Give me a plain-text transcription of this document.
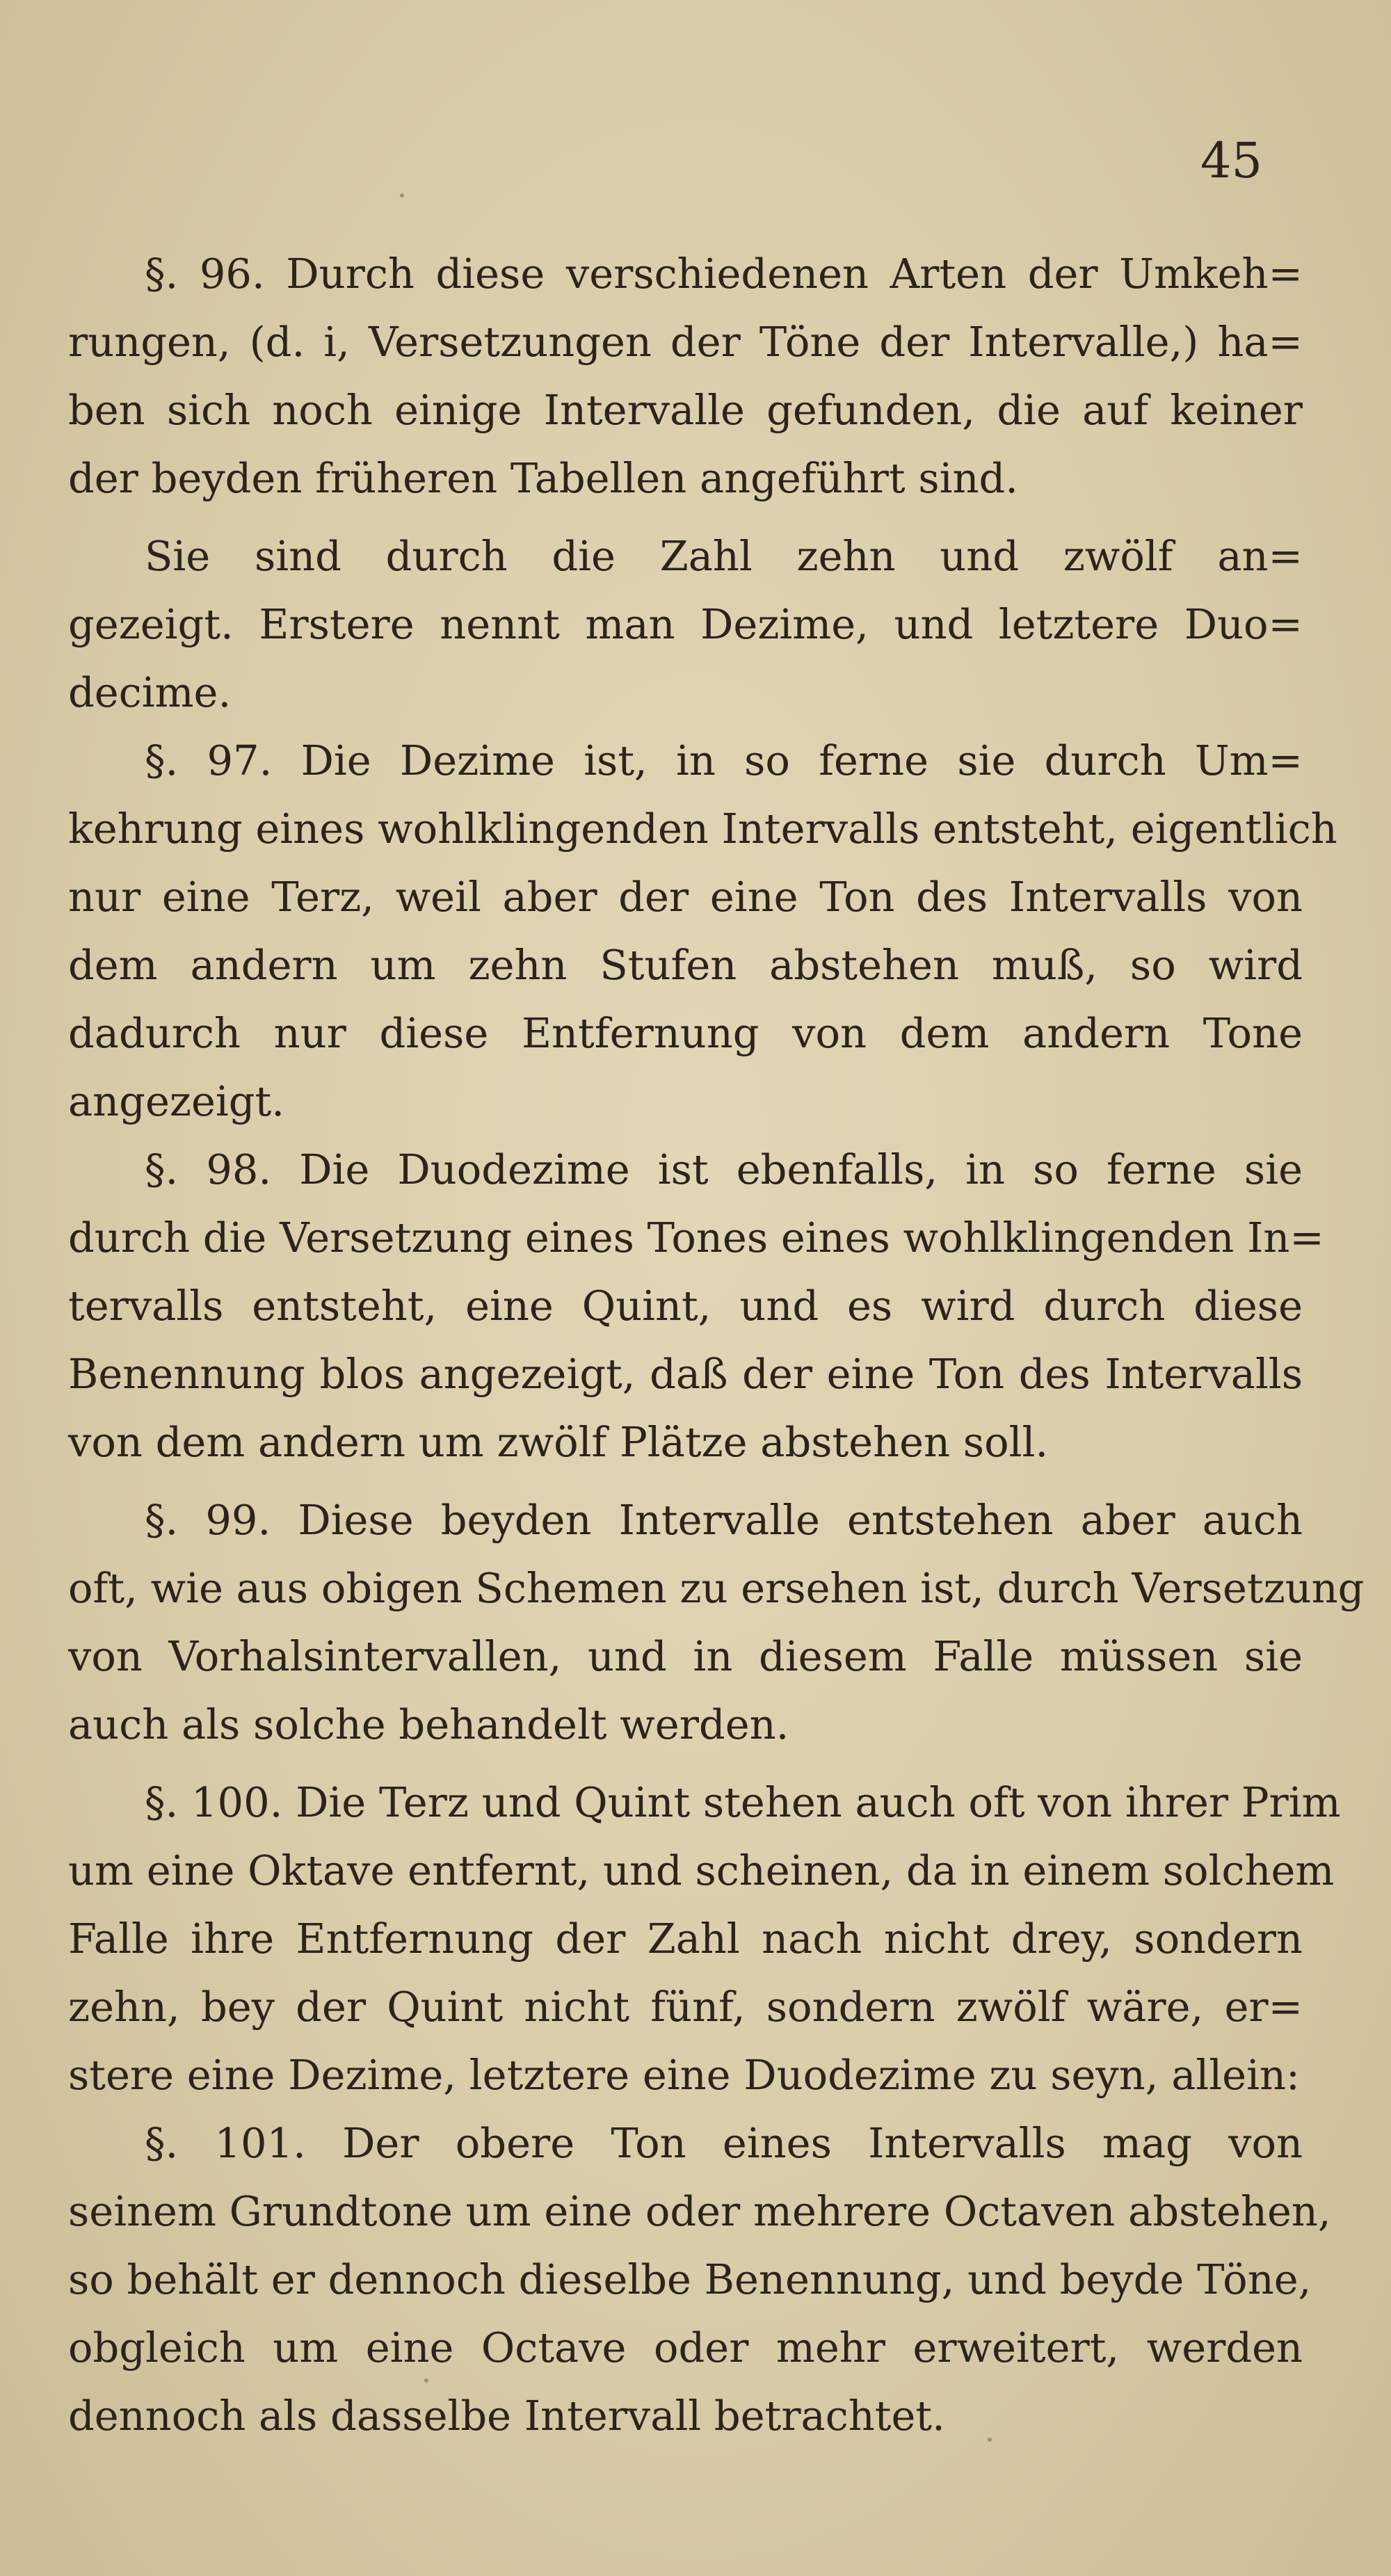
45
§. 96. Durch diese verschiedenen Arten der Umkeh=
rungen, (d. i, Versetzungen der Töne der Intervalle,) ha=
ben sich noch einige Intervalle gefunden, die auf keiner
der beyden früheren Tabellen angeführt sind.
Sie sind durch die Zahl zehn und zwölf an=
gezeigt. Erstere nennt man Dezime, und letztere Duo=
decime.
§. 97. Die Dezime ist, in so ferne sie durch Um=
kehrung eines wohlklingenden Intervalls entsteht, eigentlich
nur eine Terz, weil aber der eine Ton des Intervalls von
dem andern um zehn Stufen abstehen muß, so wird
dadurch nur diese Entfernung von dem andern Tone
angezeigt.
§. 98. Die Duodezime ist ebenfalls, in so ferne sie
durch die Versetzung eines Tones eines wohlklingenden In=
tervalls entsteht, eine Quint, und es wird durch diese
Benennung blos angezeigt, daß der eine Ton des Intervalls
von dem andern um zwölf Plätze abstehen soll.
§. 99. Diese beyden Intervalle entstehen aber auch
oft, wie aus obigen Schemen zu ersehen ist, durch Versetzung
von Vorhalsintervallen, und in diesem Falle müssen sie
auch als solche behandelt werden.
§. 100. Die Terz und Quint stehen auch oft von ihrer Prim
um eine Oktave entfernt, und scheinen, da in einem solchem
Falle ihre Entfernung der Zahl nach nicht drey, sondern
zehn, bey der Quint nicht fünf, sondern zwölf wäre, er=
stere eine Dezime, letztere eine Duodezime zu seyn, allein:
§. 101. Der obere Ton eines Intervalls mag von
seinem Grundtone um eine oder mehrere Octaven abstehen,
so behält er dennoch dieselbe Benennung, und beyde Töne,
obgleich um eine Octave oder mehr erweitert, werden
dennoch als dasselbe Intervall betrachtet.
